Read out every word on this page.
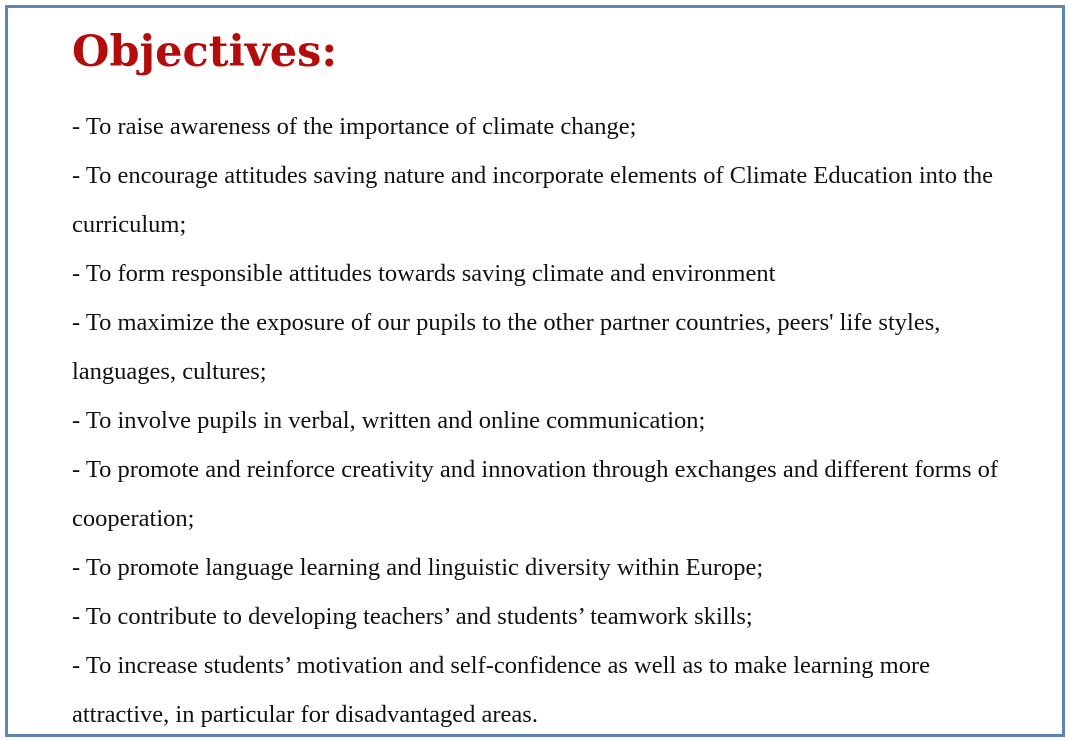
Objectives:
- To raise awareness of the importance of climate change;
- To encourage attitudes saving nature and incorporate elements of Climate Education into the curriculum;
- To form responsible attitudes towards saving climate and environment
- To maximize the exposure of our pupils to the other partner countries, peers' life styles, languages, cultures;
- To involve pupils in verbal, written and online communication;
- To promote and reinforce creativity and innovation through exchanges and different forms of cooperation;
- To promote language learning and linguistic diversity within Europe;
- To contribute to developing teachers’ and students’ teamwork skills;
- To increase students’ motivation and self-confidence as well as to make learning more attractive, in particular for disadvantaged areas.
